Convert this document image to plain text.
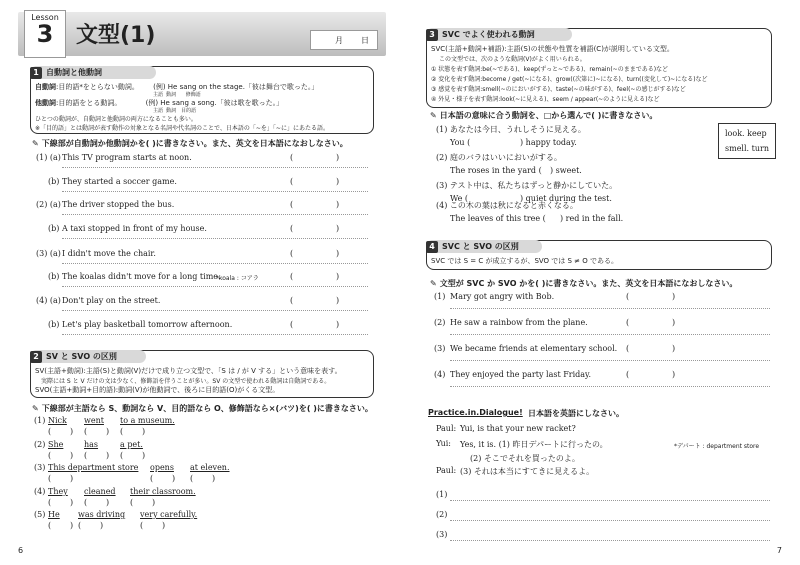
Lesson
3	文型(1)	月 日
1 自動詞と他動詞
自動詞:目的語*をとらない動詞。 (例) He sang on the stage.「彼は舞台で歌った。」
主語  動詞      修飾語
他動詞:目的語をとる動詞。	(例) He sang a song.「彼は歌を歌った。」
主語  動詞   目的語
ひとつの動詞が、自動詞と他動詞の両方になることも多い。
※「目的語」とは動詞が表す動作の対象となる名詞や代名詞のことで、日本語の「~を」「~に」にあたる語。
✎ 下線部が自動詞か他動詞かを( )に書きなさい。また、英文を日本語になおしなさい。
(1) (a) This TV program starts at noon.	(	)
(b) They started a soccer game.	(	)
(2) (a) The driver stopped the bus.	(	)
(b) A taxi stopped in front of my house.	(	)
(3) (a) I didn't move the chair.	(	)
(b) The koalas didn't move for a long time.	(	)
(4) (a) Don't play on the street.	(	)
(b) Let's play basketball tomorrow afternoon.	(	)
*koala : コアラ
2 SV と SVO の区別
SV(主語+動詞):主語(S)と動詞(V)だけで成り立つ文型で、「S は / が V する」という意味を表す。
実際には S と V だけの文は少なく、修飾語を伴うことが多い。SV の文型で使われる動詞は自動詞である。
SVO(主語+動詞+目的語):動詞(V)が他動詞で、後ろに目的語(O)がくる文型。
✎ 下線部が主語なら S、動詞なら V、目的語なら O、修飾語なら×(バツ)を( )に書きなさい。
(1) Nick
( )
went
( )
to a museum.
( )
(2) She
( )
has
( )
a pet.
( )
(3) This department store
( )
opens
( )
at eleven.
( )
(4) They
( )
cleaned
( )
their classroom.
( )
(5) He
( )
was driving
( )
very carefully.
( )
6
3 SVC でよく使われる動詞
SVC(主語+動詞+補語):主語(S)の状態や性質を補語(C)が説明している文型。
この文型では、次のような動詞(V)がよく用いられる。
① 状態を表す動詞:be(~である)、keep(ずっと~である)、remain(~のままである)など
② 変化を表す動詞:become / get(~になる)、grow((次第に)~になる)、turn((変化して)~になる)など
③ 感覚を表す動詞:smell(~のにおいがする)、taste(~の味がする)、feel(~の感じがする)など
④ 外見・様子を表す動詞:look(~に見える)、seem / appear(~のように見える)など
✎ 日本語の意味に合う動詞を、□から選んで( )に書きなさい。
(1) あなたは今日、うれしそうに見える。
You (	) happy today.
(2) 庭のバラはいいにおいがする。
The roses in the yard ( ) sweet.
(3) テスト中は、私たちはずっと静かにしていた。
We (	) quiet during the test.
(4) この木の葉は秋になると赤くなる。
The leaves of this tree ( ) red in the fall.
look. keep
smell. turn
4 SVC と SVO の区別
SVC では S = C が成立するが、SVO では S ≠ O である。
✎ 文型が SVC か SVO かを( )に書きなさい。また、英文を日本語になおしなさい。
(1) Mary got angry with Bob.	(	)
(2) He saw a rainbow from the plane.	(	)
(3) We became friends at elementary school. (	)
(4) They enjoyed the party last Friday.	(	)
Practice.in.Dialogue! 日本語を英語にしなさい。
Paul: Yui, is that your new racket?
Yui: Yes, it is. (1) 昨日デパートに行ったの。
(2) そこでそれを買ったのよ。
Paul: (3) それは本当にすてきに見えるよ。
*デパート : department store
(1)
(2)
(3)
7
